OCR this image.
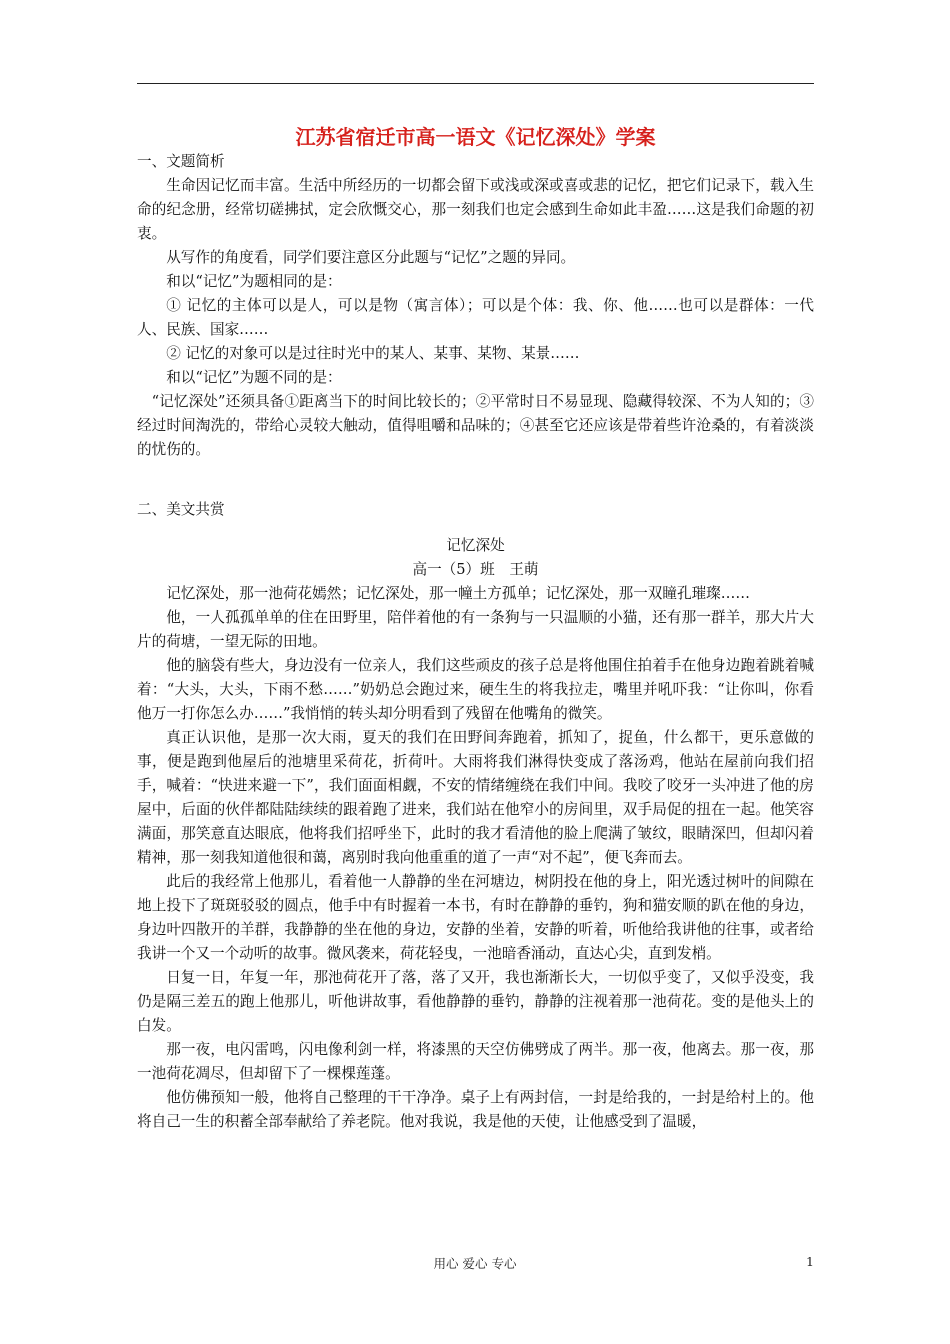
江苏省宿迁市高一语文《记忆深处》学案

一、文题简析

生命因记忆而丰富。生活中所经历的一切都会留下或浅或深或喜或悲的记忆，把它们记录下，载入生命的纪念册，经常切磋拂拭，定会欣慨交心，那一刻我们也定会感到生命如此丰盈……这是我们命题的初衷。

从写作的角度看，同学们要注意区分此题与“记忆”之题的异同。

和以“记忆”为题相同的是：

① 记忆的主体可以是人，可以是物（寓言体）；可以是个体：我、你、他……也可以是群体：一代人、民族、国家……

② 记忆的对象可以是过往时光中的某人、某事、某物、某景……

和以“记忆”为题不同的是：

“记忆深处”还须具备①距离当下的时间比较长的；②平常时日不易显现、隐藏得较深、不为人知的；③经过时间淘洗的，带给心灵较大触动，值得咀嚼和品味的；④甚至它还应该是带着些许沧桑的，有着淡淡的忧伤的。

二、美文共赏

记忆深处

高一（5）班　王萌

记忆深处，那一池荷花嫣然；记忆深处，那一幢土方孤单；记忆深处，那一双瞳孔璀璨……

他，一人孤孤单单的住在田野里，陪伴着他的有一条狗与一只温顺的小猫，还有那一群羊，那大片大片的荷塘，一望无际的田地。

他的脑袋有些大，身边没有一位亲人，我们这些顽皮的孩子总是将他围住拍着手在他身边跑着跳着喊着：“大头，大头，下雨不愁……”奶奶总会跑过来，硬生生的将我拉走，嘴里并吼吓我：“让你叫，你看他万一打你怎么办……”我悄悄的转头却分明看到了残留在他嘴角的微笑。

真正认识他，是那一次大雨，夏天的我们在田野间奔跑着，抓知了，捉鱼，什么都干，更乐意做的事，便是跑到他屋后的池塘里采荷花，折荷叶。大雨将我们淋得快变成了落汤鸡，他站在屋前向我们招手，喊着：“快进来避一下”，我们面面相觑，不安的情绪缠绕在我们中间。我咬了咬牙一头冲进了他的房屋中，后面的伙伴都陆陆续续的跟着跑了进来，我们站在他窄小的房间里，双手局促的扭在一起。他笑容满面，那笑意直达眼底，他将我们招呼坐下，此时的我才看清他的脸上爬满了皱纹，眼睛深凹，但却闪着精神，那一刻我知道他很和蔼，离别时我向他重重的道了一声“对不起”，便飞奔而去。

此后的我经常上他那儿，看着他一人静静的坐在河塘边，树阴投在他的身上，阳光透过树叶的间隙在地上投下了斑斑驳驳的圆点，他手中有时握着一本书，有时在静静的垂钓，狗和猫安顺的趴在他的身边，身边叶四散开的羊群，我静静的坐在他的身边，安静的坐着，安静的听着，听他给我讲他的往事，或者给我讲一个又一个动听的故事。微风袭来，荷花轻曳，一池暗香涌动，直达心尖，直到发梢。

日复一日，年复一年，那池荷花开了落，落了又开，我也渐渐长大，一切似乎变了，又似乎没变，我仍是隔三差五的跑上他那儿，听他讲故事，看他静静的垂钓，静静的注视着那一池荷花。变的是他头上的白发。

那一夜，电闪雷鸣，闪电像利剑一样，将漆黑的天空仿佛劈成了两半。那一夜，他离去。那一夜，那一池荷花凋尽，但却留下了一棵棵莲蓬。

他仿佛预知一般，他将自己整理的干干净净。桌子上有两封信，一封是给我的，一封是给村上的。他将自己一生的积蓄全部奉献给了养老院。他对我说，我是他的天使，让他感受到了温暖，

用心 爱心 专心	1
